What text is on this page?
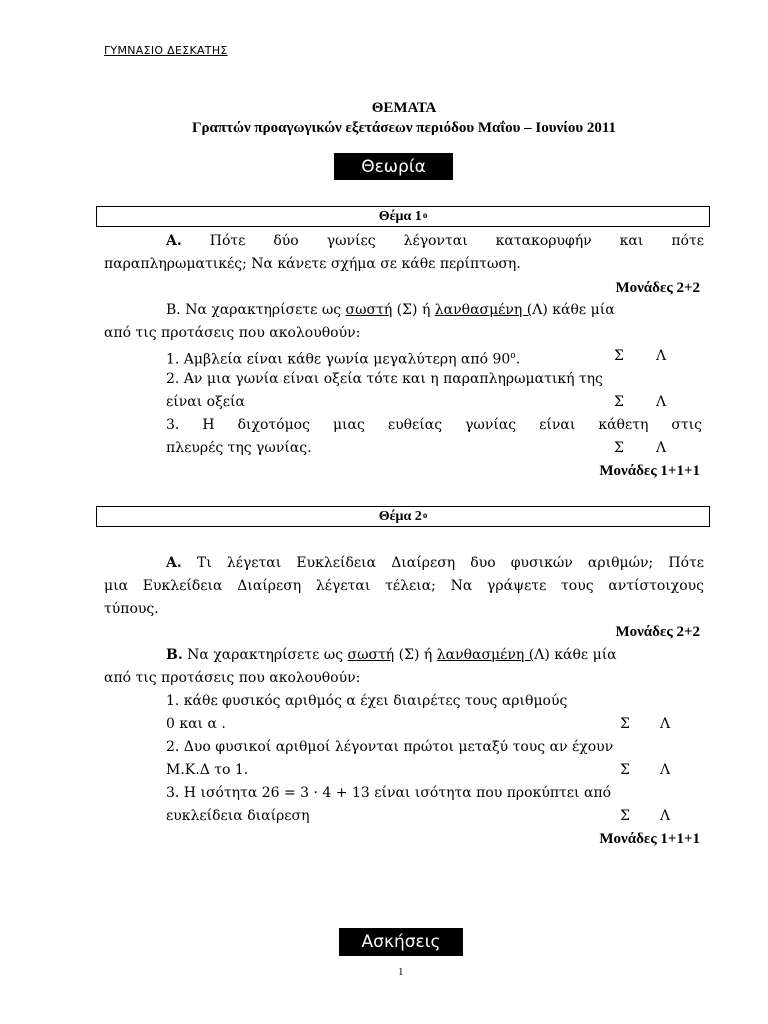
ΓΥΜΝΑΣΙΟ ΔΕΣΚΑΤΗΣ

ΘΕΜΑΤΑ
Γραπτών προαγωγικών εξετάσεων περιόδου Μαΐου – Ιουνίου 2011
Θεωρία
Θέμα $1^o$
Α. Πότε δύο γωνίες λέγονται κατακορυφήν και πότε
παραπληρωματικές; Να κάνετε σχήμα σε κάθε περίπτωση.
Μονάδες 2+2
Β. Να χαρακτηρίσετε ως σωστή (Σ) ή λανθασμένη (Λ) κάθε μία
από τις προτάσεις που ακολουθούν:
1. Αμβλεία είναι κάθε γωνία μεγαλύτερη από $90^o$.	Σ Λ
2. Αν μια γωνία είναι οξεία τότε και η παραπληρωματική της
είναι οξεία	Σ Λ
3. Η διχοτόμος μιας ευθείας γωνίας είναι κάθετη στις
πλευρές της γωνίας.	Σ Λ
Μονάδες 1+1+1
Θέμα $2^o$
Α. Τι λέγεται Ευκλείδεια Διαίρεση δυο φυσικών αριθμών; Πότε
μια Ευκλείδεια Διαίρεση λέγεται τέλεια; Να γράψετε τους αντίστοιχους
τύπους.
Μονάδες 2+2
Β. Να χαρακτηρίσετε ως σωστή (Σ) ή λανθασμένη (Λ) κάθε μία
από τις προτάσεις που ακολουθούν:
1. κάθε φυσικός αριθμός α έχει διαιρέτες τους αριθμούς
0 και α .	Σ Λ
2. Δυο φυσικοί αριθμοί λέγονται πρώτοι μεταξύ τους αν έχουν
Μ.Κ.Δ το 1.	Σ Λ
3. Η ισότητα 26 = 3 · 4 + 13 είναι ισότητα που προκύπτει από
ευκλείδεια διαίρεση	Σ Λ
Μονάδες 1+1+1
Ασκήσεις
1
